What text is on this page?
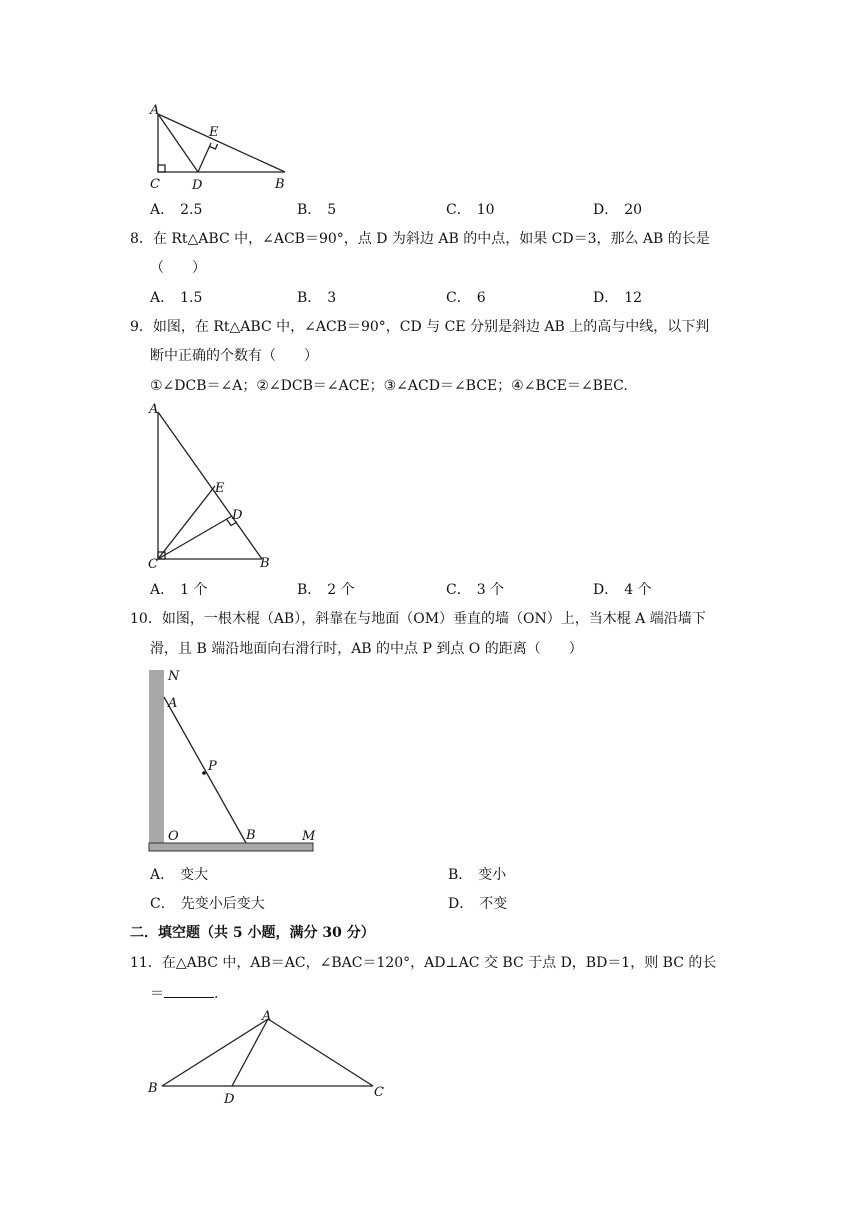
A
E
C D	B
A． 2.5	B． 5	C． 10	D． 20
8．在 Rt△ABC 中，∠ACB＝90°，点 D 为斜边 AB 的中点，如果 CD＝3，那么 AB 的长是
（　　）
A． 1.5	B． 3	C． 6	D． 12
9．如图，在 Rt△ABC 中，∠ACB＝90°，CD 与 CE 分别是斜边 AB 上的高与中线，以下判
断中正确的个数有（　　）
①∠DCB＝∠A；②∠DCB＝∠ACE；③∠ACD＝∠BCE；④∠BCE＝∠BEC.
A
E
D
C	B
A． 1 个	B． 2 个	C． 3 个	D． 4 个
10．如图，一根木棍（AB），斜靠在与地面（OM）垂直的墙（ON）上，当木棍 A 端沿墙下
滑，且 B 端沿地面向右滑行时，AB 的中点 P 到点 O 的距离（　　）
N
A
P
O	B	M
A． 变大	B． 变小
C． 先变小后变大	D． 不变
二．填空题（共 5 小题，满分 30 分）
11．在△ABC 中，AB＝AC，∠BAC＝120°，AD⊥AC 交 BC 于点 D，BD＝1，则 BC 的长
＝	.
A
B
D	C
